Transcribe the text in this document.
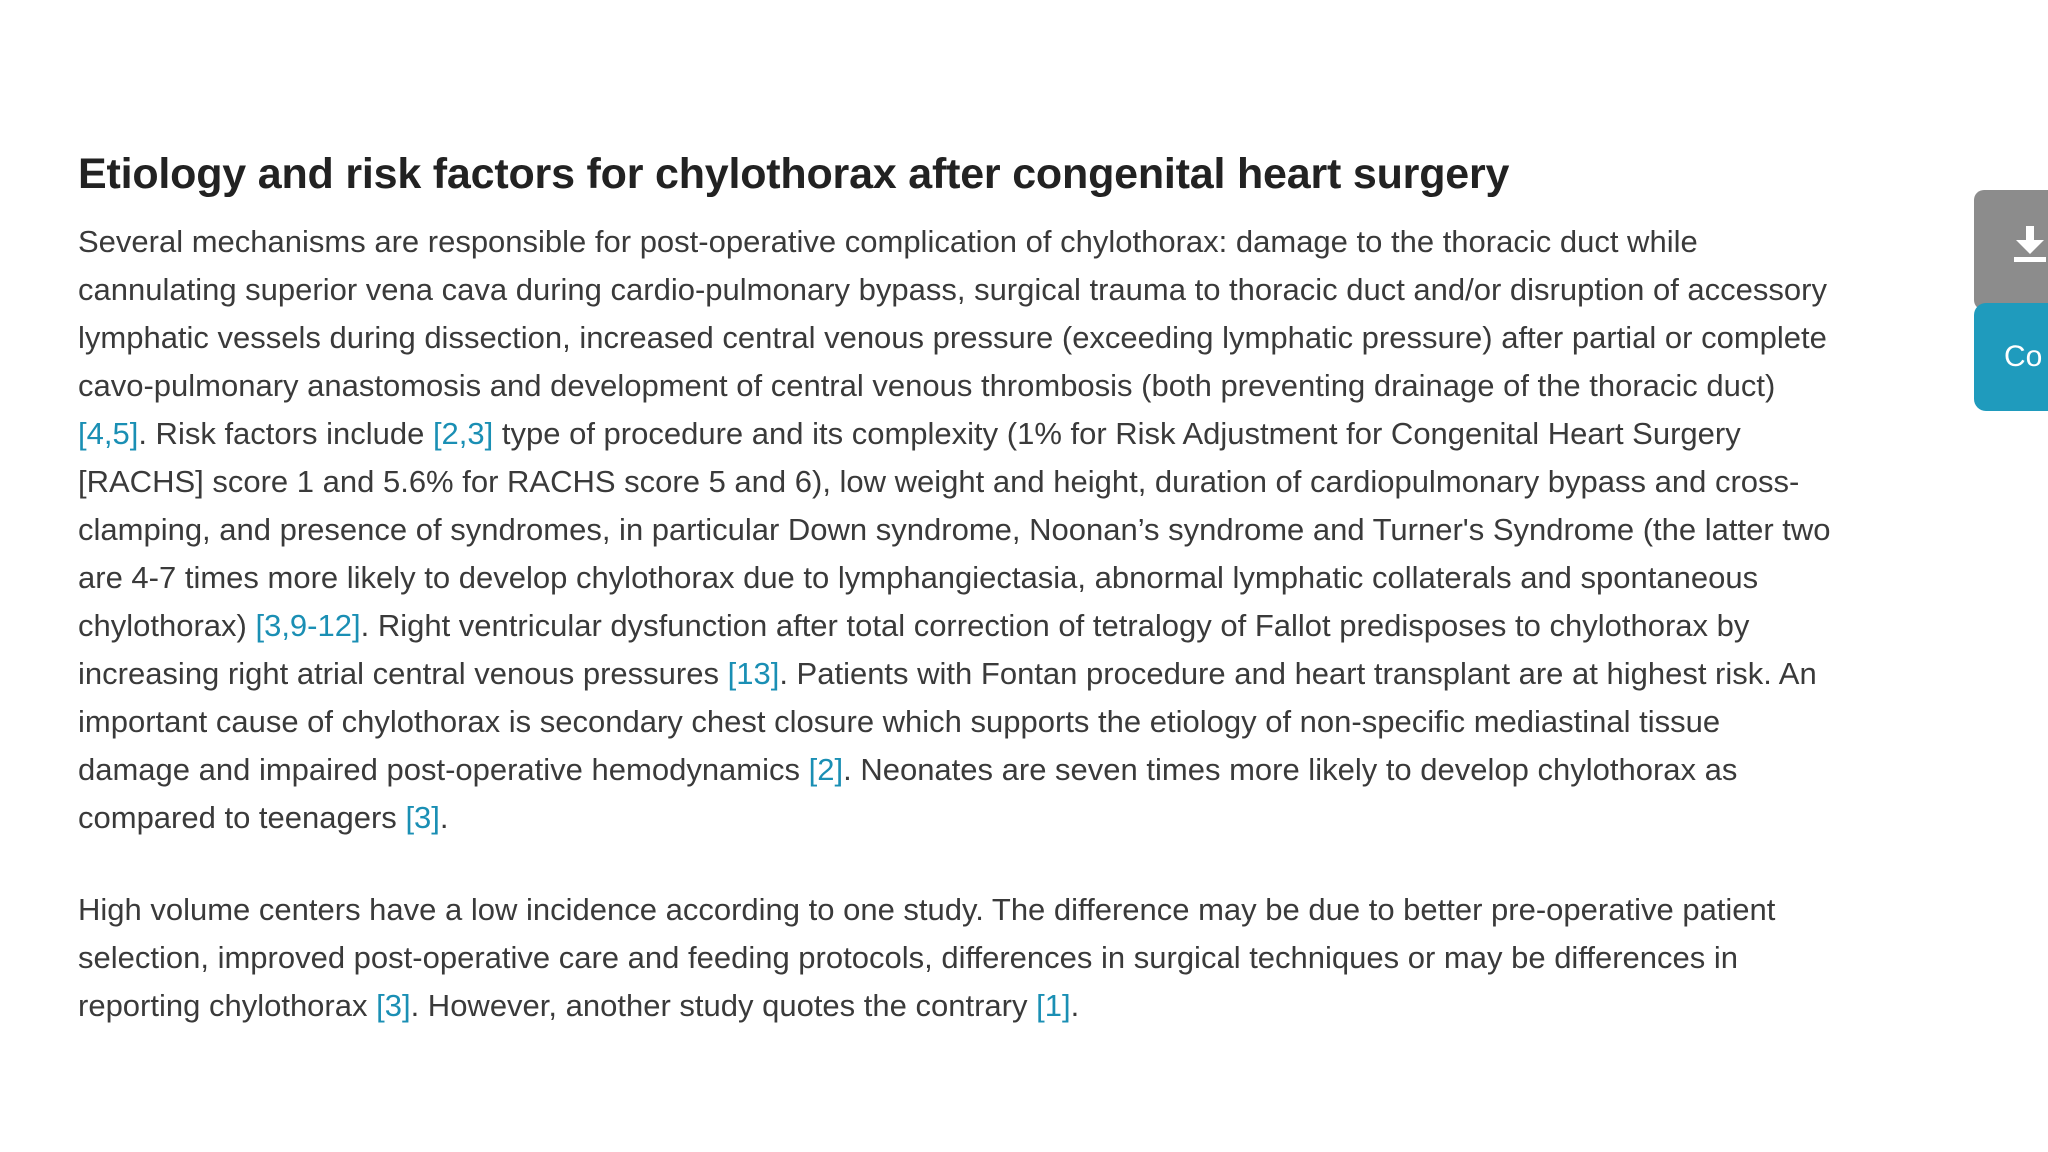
Etiology and risk factors for chylothorax after congenital heart surgery

Several mechanisms are responsible for post-operative complication of chylothorax: damage to the thoracic duct while
cannulating superior vena cava during cardio-pulmonary bypass, surgical trauma to thoracic duct and/or disruption of accessory
lymphatic vessels during dissection, increased central venous pressure (exceeding lymphatic pressure) after partial or complete
cavo-pulmonary anastomosis and development of central venous thrombosis (both preventing drainage of the thoracic duct)
[4,5]. Risk factors include [2,3] type of procedure and its complexity (1% for Risk Adjustment for Congenital Heart Surgery
[RACHS] score 1 and 5.6% for RACHS score 5 and 6), low weight and height, duration of cardiopulmonary bypass and cross-
clamping, and presence of syndromes, in particular Down syndrome, Noonan’s syndrome and Turner's Syndrome (the latter two
are 4-7 times more likely to develop chylothorax due to lymphangiectasia, abnormal lymphatic collaterals and spontaneous
chylothorax) [3,9-12]. Right ventricular dysfunction after total correction of tetralogy of Fallot predisposes to chylothorax by
increasing right atrial central venous pressures [13]. Patients with Fontan procedure and heart transplant are at highest risk. An
important cause of chylothorax is secondary chest closure which supports the etiology of non-specific mediastinal tissue
damage and impaired post-operative hemodynamics [2]. Neonates are seven times more likely to develop chylothorax as
compared to teenagers [3].

High volume centers have a low incidence according to one study. The difference may be due to better pre-operative patient
selection, improved post-operative care and feeding protocols, differences in surgical techniques or may be differences in
reporting chylothorax [3]. However, another study quotes the contrary [1].

Co
